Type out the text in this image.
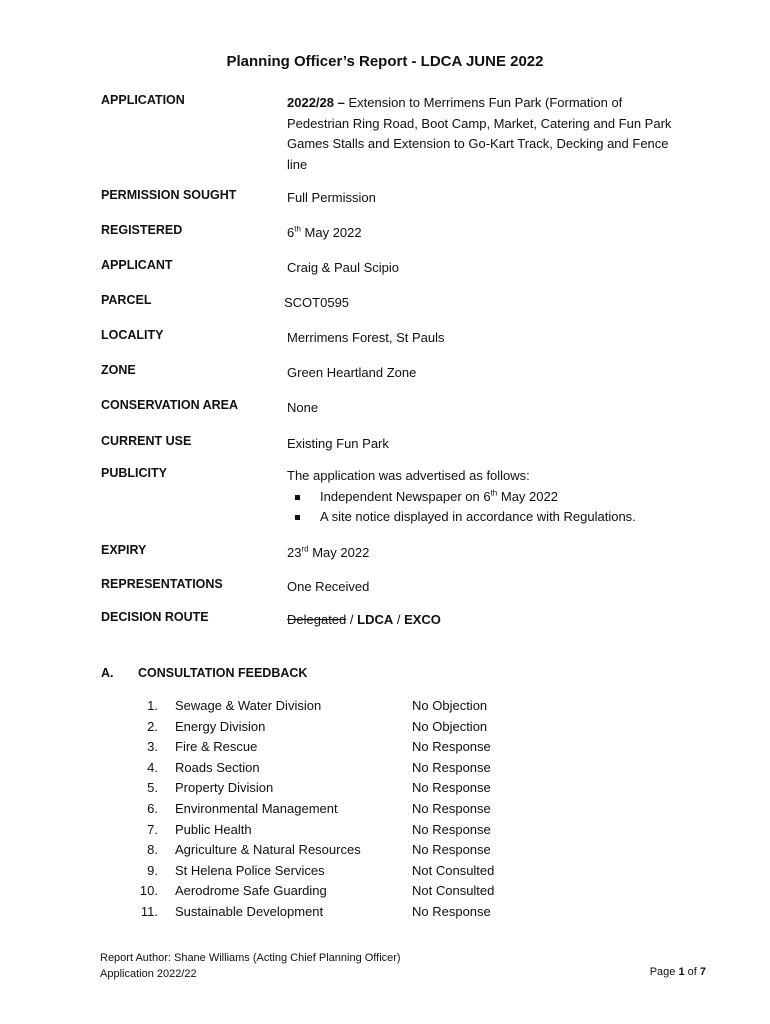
Planning Officer’s Report - LDCA JUNE 2022
APPLICATION	2022/28 – Extension to Merrimens Fun Park (Formation of Pedestrian Ring Road, Boot Camp, Market, Catering and Fun Park Games Stalls and Extension to Go-Kart Track, Decking and Fence line
PERMISSION SOUGHT	Full Permission
REGISTERED	6th May 2022
APPLICANT	Craig & Paul Scipio
PARCEL	SCOT0595
LOCALITY	Merrimens Forest, St Pauls
ZONE	Green Heartland Zone
CONSERVATION AREA	None
CURRENT USE	Existing Fun Park
PUBLICITY	The application was advertised as follows:
Independent Newspaper on 6th May 2022
A site notice displayed in accordance with Regulations.
EXPIRY	23rd May 2022
REPRESENTATIONS	One Received
DECISION ROUTE	Delegated / LDCA / EXCO
A. CONSULTATION FEEDBACK
1. Sewage & Water Division	No Objection
2. Energy Division	No Objection
3. Fire & Rescue	No Response
4. Roads Section	No Response
5. Property Division	No Response
6. Environmental Management	No Response
7. Public Health	No Response
8. Agriculture & Natural Resources	No Response
9. St Helena Police Services	Not Consulted
10. Aerodrome Safe Guarding	Not Consulted
11. Sustainable Development	No Response
Report Author: Shane Williams (Acting Chief Planning Officer)
Application 2022/22	Page 1 of 7
